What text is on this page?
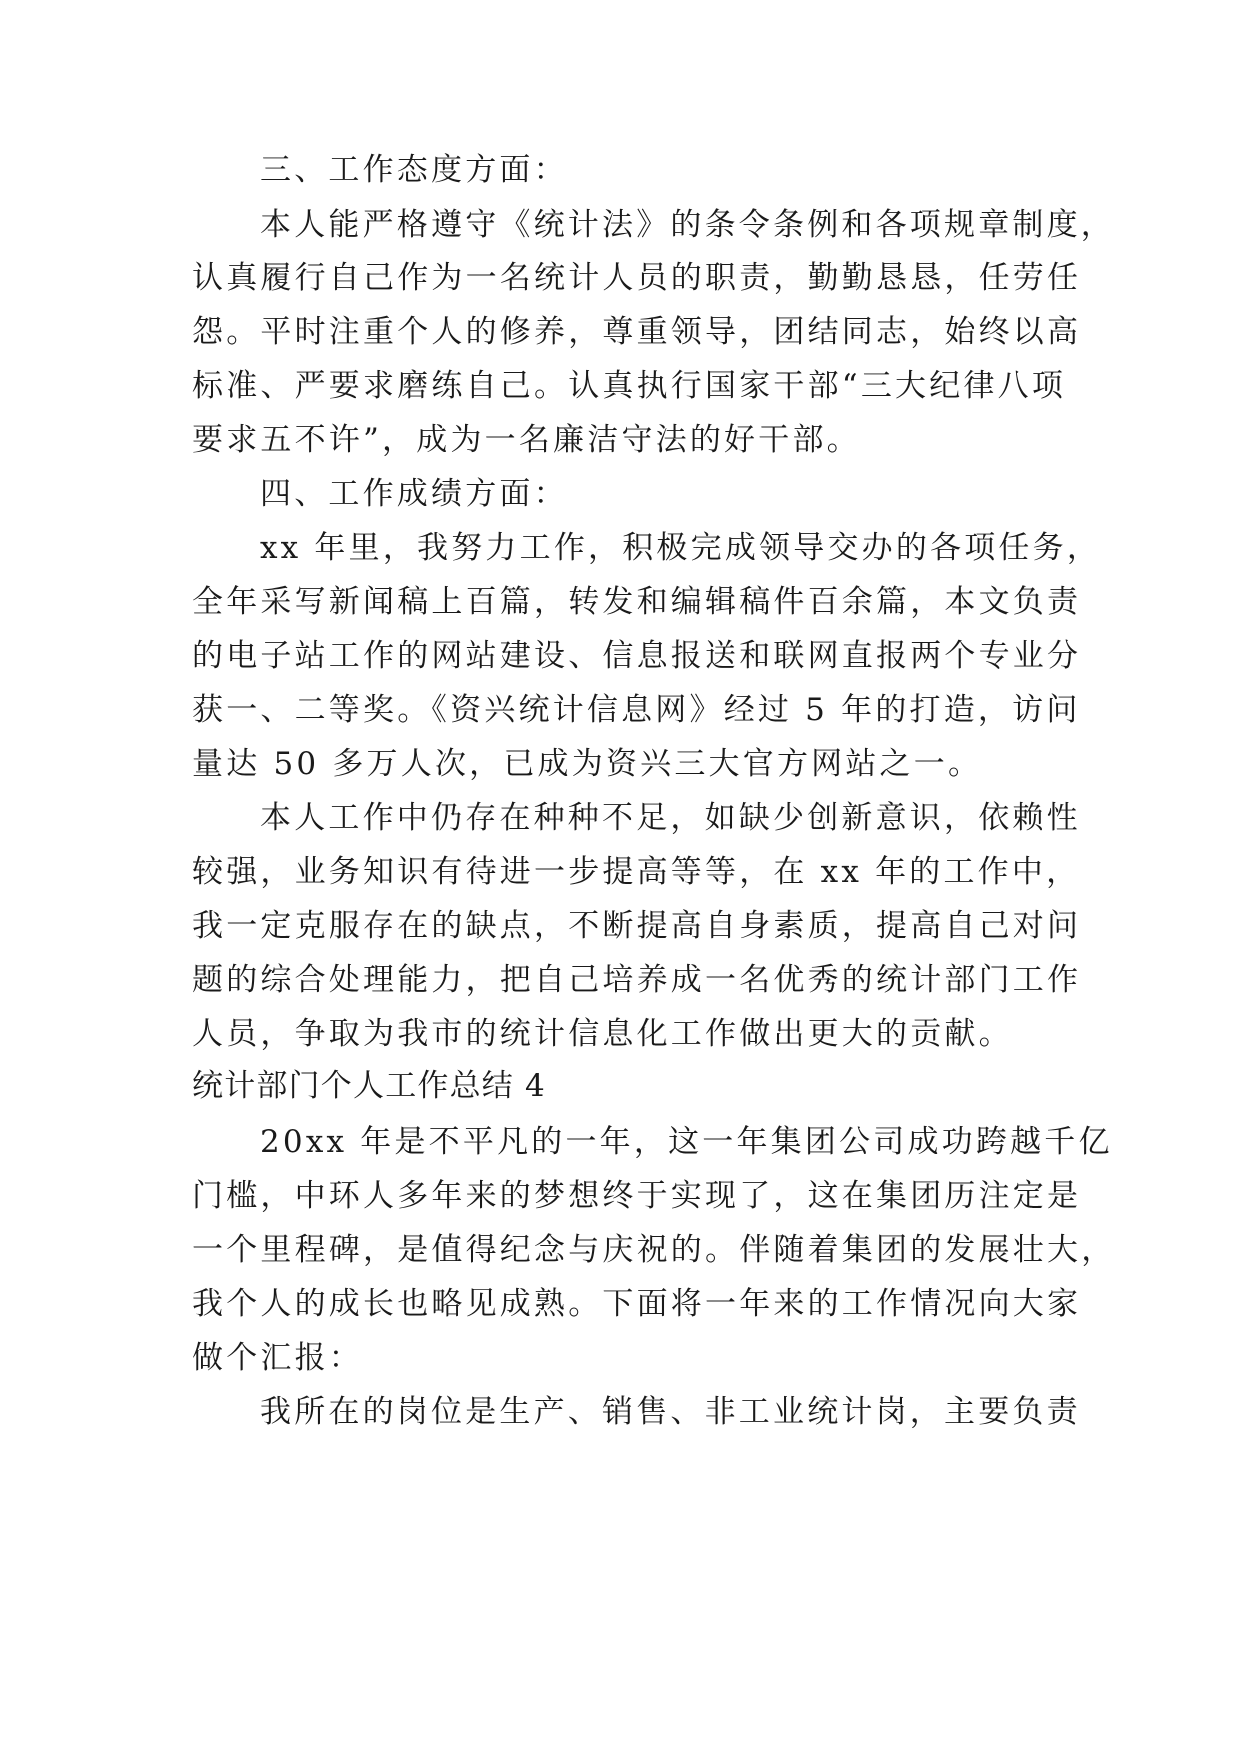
三、工作态度方面：
本人能严格遵守《统计法》的条令条例和各项规章制度，
认真履行自己作为一名统计人员的职责，勤勤恳恳，任劳任
怨。平时注重个人的修养，尊重领导，团结同志，始终以高
标准、严要求磨练自己。认真执行国家干部“三大纪律八项
要求五不许”，成为一名廉洁守法的好干部。
四、工作成绩方面：
xx 年里，我努力工作，积极完成领导交办的各项任务，
全年采写新闻稿上百篇，转发和编辑稿件百余篇，本文负责
的电子站工作的网站建设、信息报送和联网直报两个专业分
获一、二等奖。《资兴统计信息网》经过 5 年的打造，访问
量达 50 多万人次，已成为资兴三大官方网站之一。
本人工作中仍存在种种不足，如缺少创新意识，依赖性
较强，业务知识有待进一步提高等等，在 xx 年的工作中，
我一定克服存在的缺点，不断提高自身素质，提高自己对问
题的综合处理能力，把自己培养成一名优秀的统计部门工作
人员，争取为我市的统计信息化工作做出更大的贡献。
统计部门个人工作总结 4
20xx 年是不平凡的一年，这一年集团公司成功跨越千亿
门槛，中环人多年来的梦想终于实现了，这在集团历注定是
一个里程碑，是值得纪念与庆祝的。伴随着集团的发展壮大，
我个人的成长也略见成熟。下面将一年来的工作情况向大家
做个汇报：
我所在的岗位是生产、销售、非工业统计岗，主要负责
